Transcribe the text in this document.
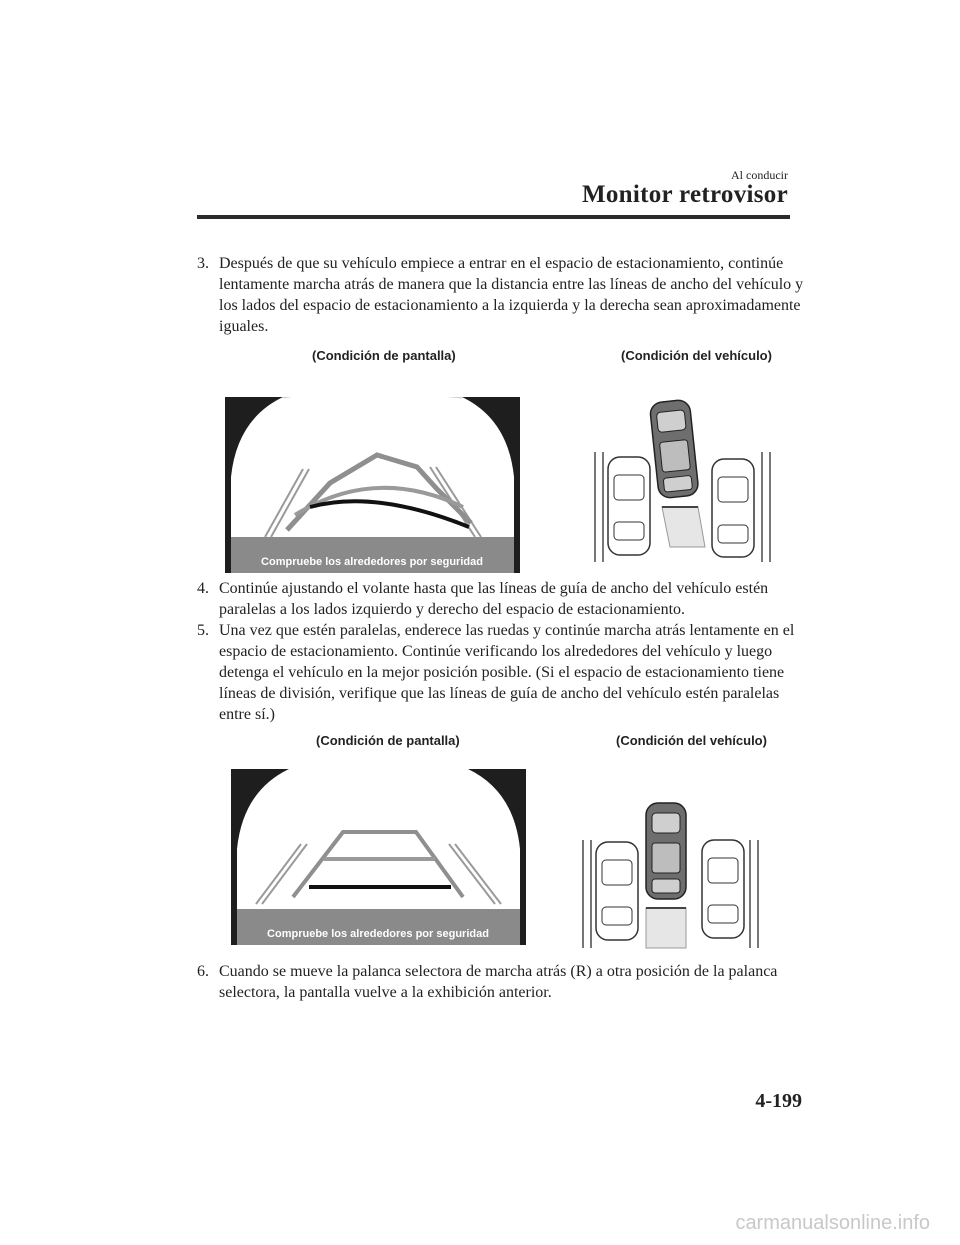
Al conducir
Monitor retrovisor
3. Después de que su vehículo empiece a entrar en el espacio de estacionamiento, continúe lentamente marcha atrás de manera que la distancia entre las líneas de ancho del vehículo y los lados del espacio de estacionamiento a la izquierda y la derecha sean aproximadamente iguales.
(Condición de pantalla)	(Condición del vehículo)
Compruebe los alrededores por seguridad
4. Continúe ajustando el volante hasta que las líneas de guía de ancho del vehículo estén paralelas a los lados izquierdo y derecho del espacio de estacionamiento.
5. Una vez que estén paralelas, enderece las ruedas y continúe marcha atrás lentamente en el espacio de estacionamiento. Continúe verificando los alrededores del vehículo y luego detenga el vehículo en la mejor posición posible. (Si el espacio de estacionamiento tiene líneas de división, verifique que las líneas de guía de ancho del vehículo estén paralelas entre sí.)
(Condición de pantalla)	(Condición del vehículo)
Compruebe los alrededores por seguridad
6. Cuando se mueve la palanca selectora de marcha atrás (R) a otra posición de la palanca selectora, la pantalla vuelve a la exhibición anterior.
4-199
carmanualsonline.info
